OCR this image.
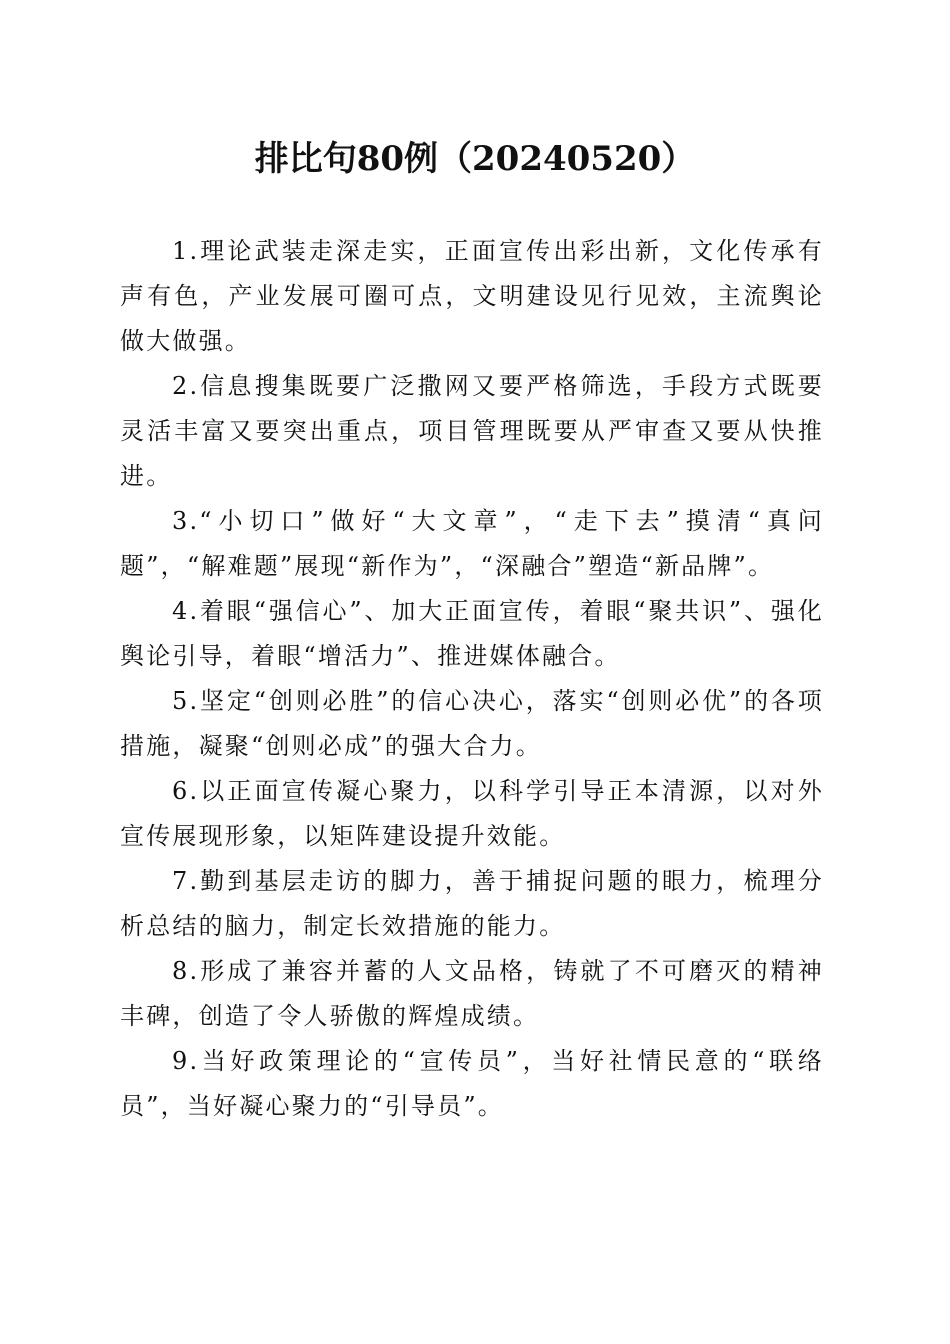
排比句80例（20240520）

1.理论武装走深走实，正面宣传出彩出新，文化传承有声有色，产业发展可圈可点，文明建设见行见效，主流舆论做大做强。

2.信息搜集既要广泛撒网又要严格筛选，手段方式既要灵活丰富又要突出重点，项目管理既要从严审查又要从快推进。

3.“小切口”做好“大文章”，“走下去”摸清“真问题”，“解难题”展现“新作为”，“深融合”塑造“新品牌”。

4.着眼“强信心”、加大正面宣传，着眼“聚共识”、强化舆论引导，着眼“增活力”、推进媒体融合。

5.坚定“创则必胜”的信心决心，落实“创则必优”的各项措施，凝聚“创则必成”的强大合力。

6.以正面宣传凝心聚力，以科学引导正本清源，以对外宣传展现形象，以矩阵建设提升效能。

7.勤到基层走访的脚力，善于捕捉问题的眼力，梳理分析总结的脑力，制定长效措施的能力。

8.形成了兼容并蓄的人文品格，铸就了不可磨灭的精神丰碑，创造了令人骄傲的辉煌成绩。

9.当好政策理论的“宣传员”，当好社情民意的“联络员”，当好凝心聚力的“引导员”。
